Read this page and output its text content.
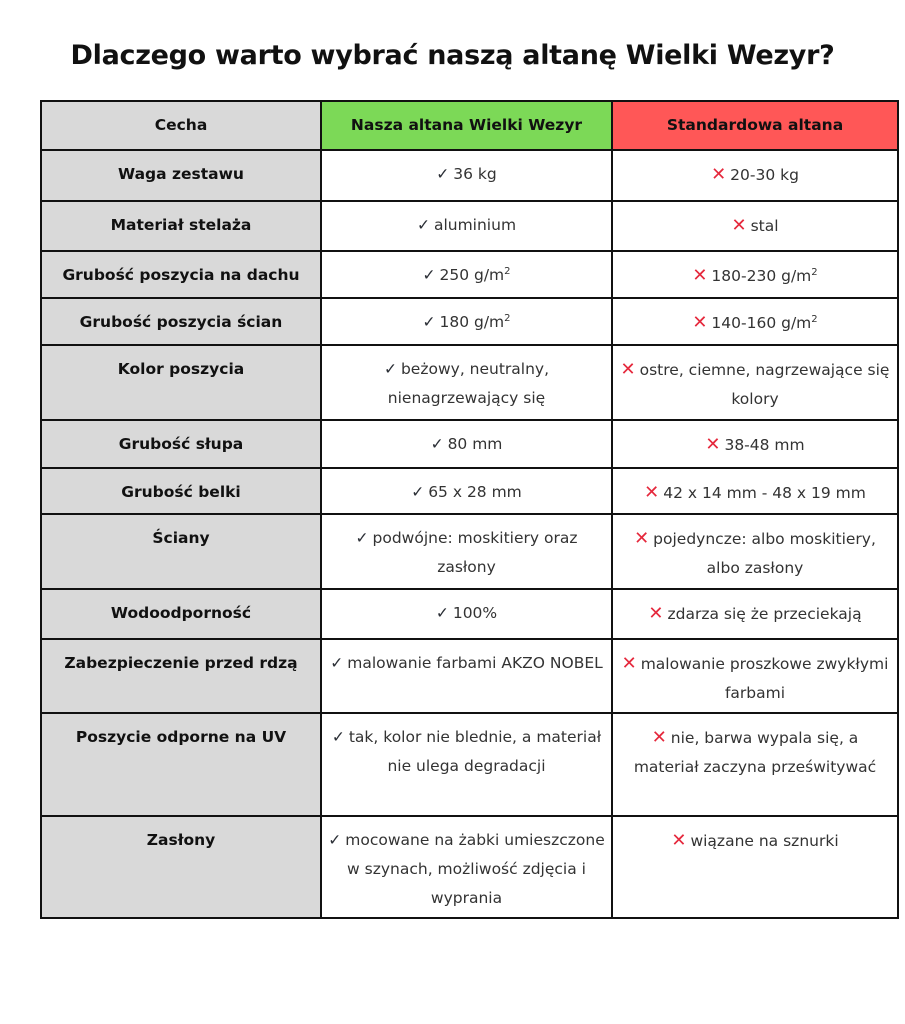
Dlaczego warto wybrać naszą altanę Wielki Wezyr?
Cecha	Nasza altana Wielki Wezyr	Standardowa altana
Waga zestawu	✓ 36 kg	✕ 20-30 kg
Materiał stelaża	✓ aluminium	✕ stal
Grubość poszycia na dachu	✓ 250 $g/m^2$	✕ 180-230 $g/m^2$
Grubość poszycia ścian	✓ 180 $g/m^2$	✕ 140-160 $g/m^2$
Kolor poszycia	✓ beżowy, neutralny, nienagrzewający się	✕ ostre, ciemne, nagrzewające się kolory
Grubość słupa	✓ 80 mm	✕ 38-48 mm
Grubość belki	✓ 65 x 28 mm	✕ 42 x 14 mm - 48 x 19 mm
Ściany	✓ podwójne: moskitiery oraz zasłony	✕ pojedyncze: albo moskitiery, albo zasłony
Wodoodporność	✓ 100%	✕ zdarza się że przeciekają
Zabezpieczenie przed rdzą	✓ malowanie farbami AKZO NOBEL	✕ malowanie proszkowe zwykłymi farbami
Poszycie odporne na UV	✓ tak, kolor nie blednie, a materiał nie ulega degradacji	✕ nie, barwa wypala się, a materiał zaczyna prześwitywać
Zasłony	✓ mocowane na żabki umieszczone w szynach, możliwość zdjęcia i wyprania	✕ wiązane na sznurki
